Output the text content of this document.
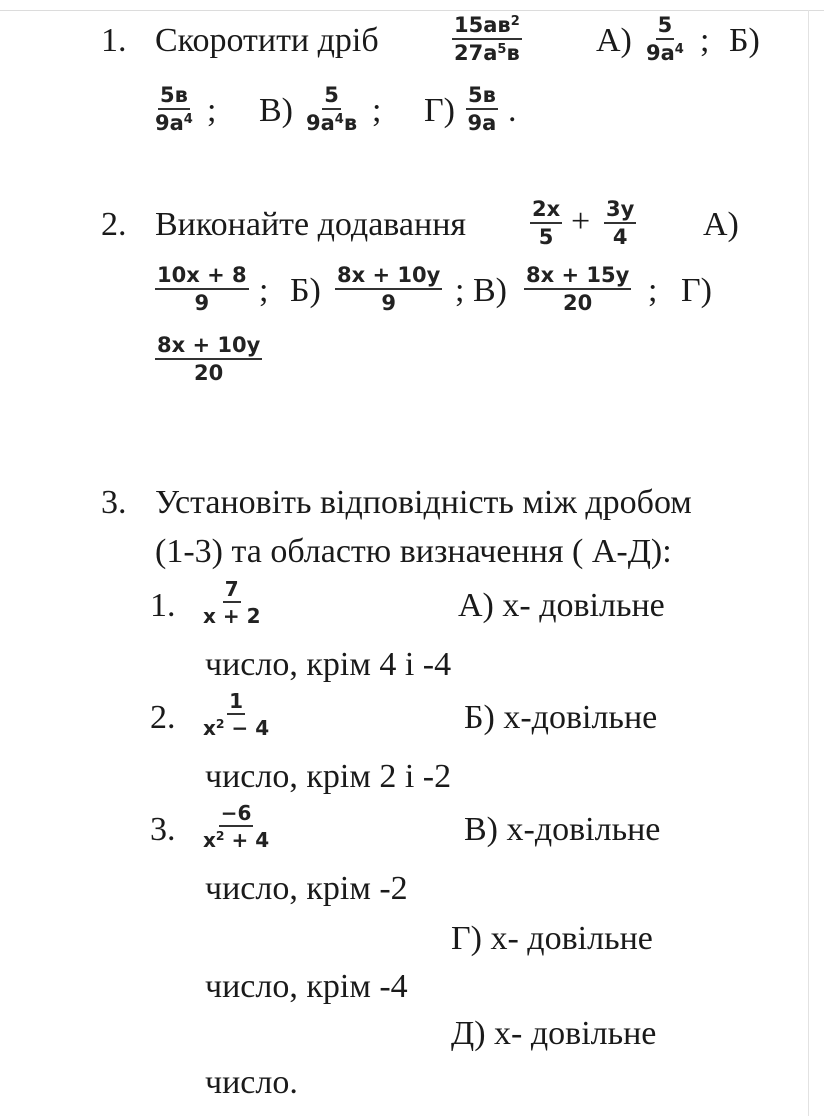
1. Скоротити дріб	$15ав^2$
$27а^5в$ А) 5
$9а^4$ ; Б)
5в
$9а^4$ ; В) 5
$9а^4в$ ; Г) 5в
9а .
2. Виконайте додавання	$\frac{2x}{5} + \frac{3y}{4} А$)
$\frac{10x + 8}{9}$ ; $Б) \frac{8x + 10y}{9}$ ; $В) \frac{8x + 15y}{20}$ ; Г)
$\frac{8x + 10y}{20}$
3. Установіть відповідність між дробом
(1-3) та областю визначення ( А-Д):
1. $\frac{7}{x + 2}$	А) x- довільне
число, крім 4 і -4
2. $\frac{1}{x^2 - 4}$	Б) x-довільне
число, крім 2 і -2
3. $\frac{-6}{x^2 + 4}$	В) x-довільне
число, крім -2
Г) x- довільне
число, крім -4
Д) x- довільне
число.
